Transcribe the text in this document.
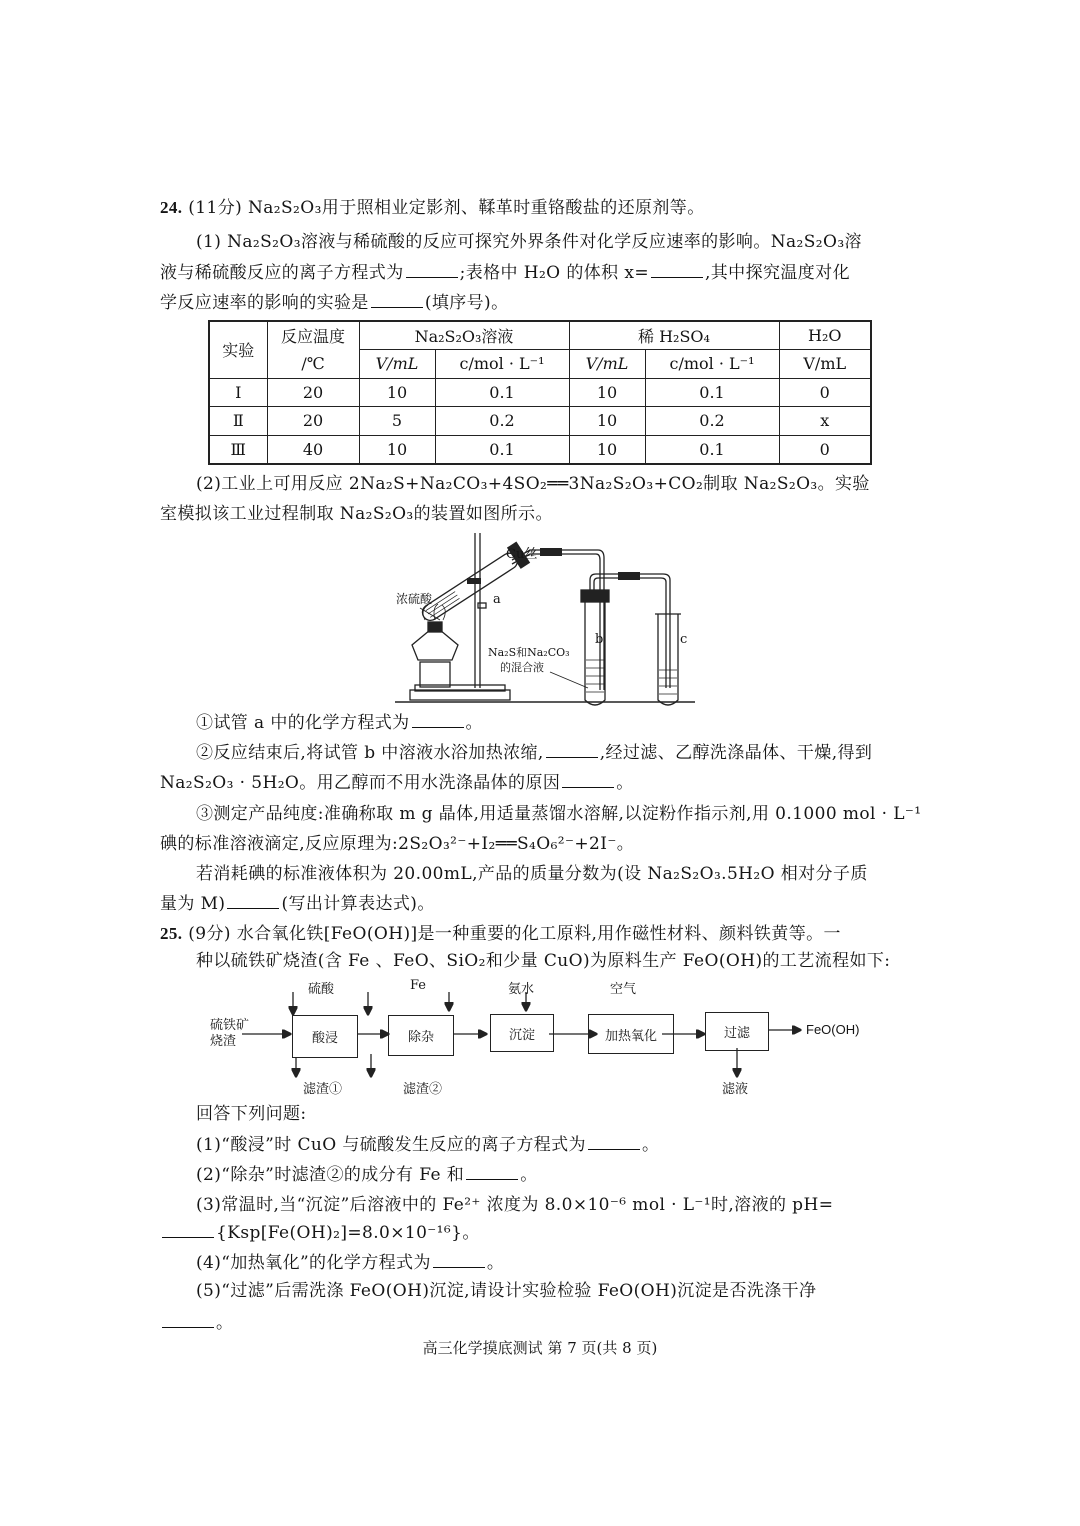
24. (11分) Na₂S₂O₃用于照相业定影剂、鞣革时重铬酸盐的还原剂等。
(1) Na₂S₂O₃溶液与稀硫酸的反应可探究外界条件对化学反应速率的影响。Na₂S₂O₃溶
液与稀硫酸反应的离子方程式为	;表格中 H₂O 的体积 x=	,其中探究温度对化
学反应速率的影响的实验是	(填序号)。
实验	反应温度	Na₂S₂O₃溶液		稀 H₂SO₄		H₂O
	/℃	V/mL	c/mol · L⁻¹	V/mL	c/mol · L⁻¹	V/mL
Ⅰ	20	10	0.1	10	0.1	0
Ⅱ	20	5	0.2	10	0.2	x
Ⅲ	40	10	0.1	10	0.1	0
(2)工业上可用反应 2Na₂S+Na₂CO₃+4SO₂══3Na₂S₂O₃+CO₂制取 Na₂S₂O₃。实验
室模拟该工业过程制取 Na₂S₂O₃的装置如图所示。
Cu丝
浓硫酸	a
b	c
Na₂S和Na₂CO₃
的混合液
①试管 a 中的化学方程式为	。
②反应结束后,将试管 b 中溶液水浴加热浓缩,	,经过滤、乙醇洗涤晶体、干燥,得到
Na₂S₂O₃ · 5H₂O。用乙醇而不用水洗涤晶体的原因	。
③测定产品纯度:准确称取 m g 晶体,用适量蒸馏水溶解,以淀粉作指示剂,用 0.1000 mol · L⁻¹
碘的标准溶液滴定,反应原理为:2S₂O₃²⁻+I₂══S₄O₆²⁻+2I⁻。
若消耗碘的标准液体积为 20.00mL,产品的质量分数为(设 Na₂S₂O₃.5H₂O 相对分子质
量为 M)	(写出计算表达式)。
25. (9分) 水合氧化铁[FeO(OH)]是一种重要的化工原料,用作磁性材料、颜料铁黄等。一
种以硫铁矿烧渣(含 Fe 、FeO、SiO₂和少量 CuO)为原料生产 FeO(OH)的工艺流程如下:
硫铁矿
烧渣
硫酸
酸浸
滤渣①
Fe
除杂
滤渣②
氨水
沉淀
空气
加热氧化	过滤
滤液
FeO(OH)
回答下列问题:
(1)“酸浸”时 CuO 与硫酸发生反应的离子方程式为	。
(2)“除杂”时滤渣②的成分有 Fe 和	。
(3)常温时,当“沉淀”后溶液中的 Fe²⁺ 浓度为 8.0×10⁻⁶ mol · L⁻¹时,溶液的 pH=
{Ksp[Fe(OH)₂]=8.0×10⁻¹⁶}。
(4)“加热氧化”的化学方程式为	。
(5)“过滤”后需洗涤 FeO(OH)沉淀,请设计实验检验 FeO(OH)沉淀是否洗涤干净
。
高三化学摸底测试 第 7 页(共 8 页)
